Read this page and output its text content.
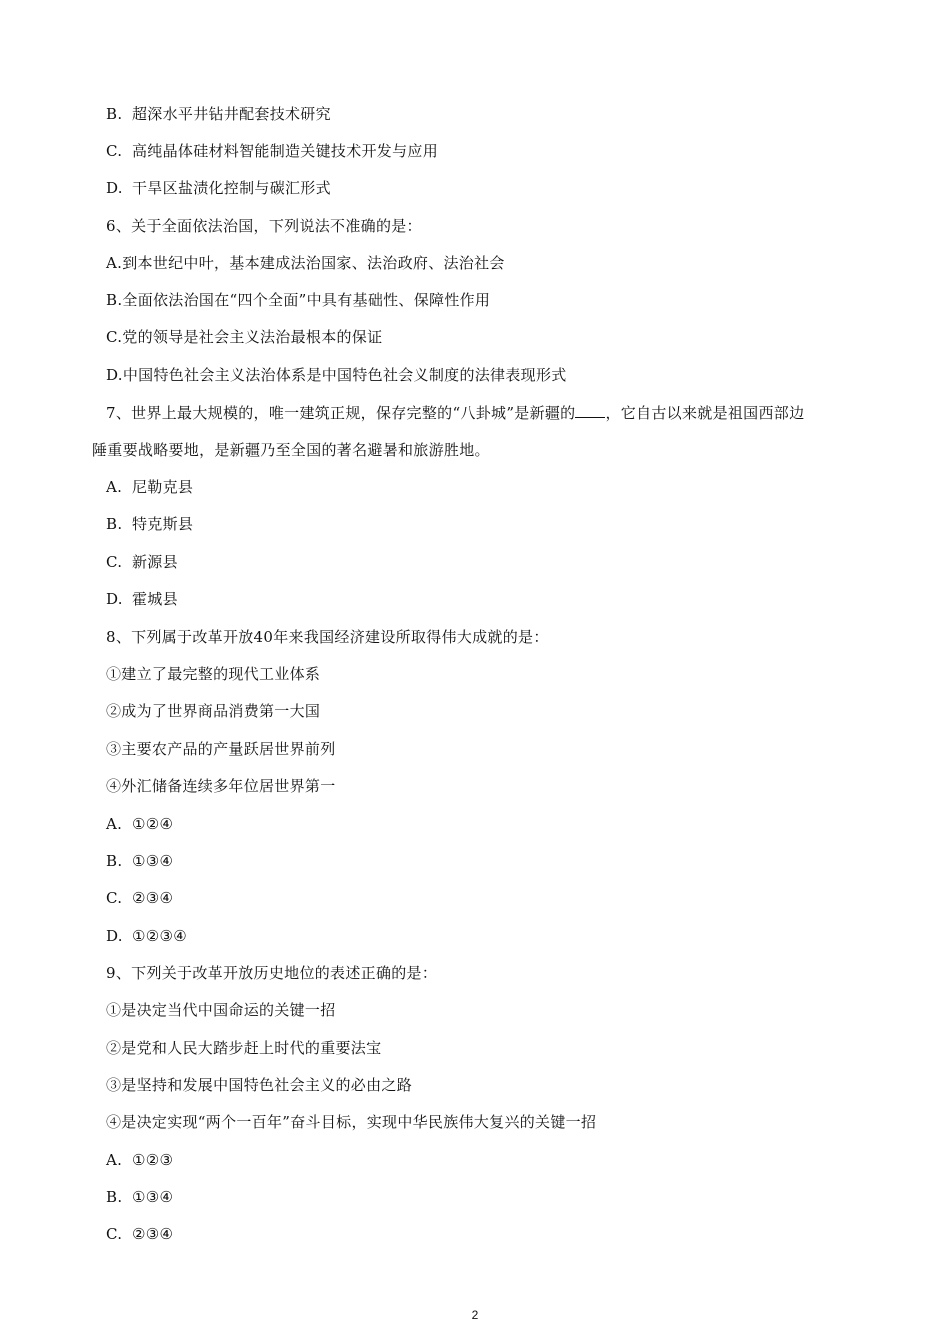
B. 超深水平井钻井配套技术研究
C. 高纯晶体硅材料智能制造关键技术开发与应用
D. 干旱区盐渍化控制与碳汇形式
6、关于全面依法治国，下列说法不准确的是：
A.到本世纪中叶，基本建成法治国家、法治政府、法治社会
B.全面依法治国在“四个全面”中具有基础性、保障性作用
C.党的领导是社会主义法治最根本的保证
D.中国特色社会主义法治体系是中国特色社会义制度的法律表现形式
7、世界上最大规模的，唯一建筑正规，保存完整的“八卦城”是新疆的 ，它自古以来就是祖国西部边
陲重要战略要地，是新疆乃至全国的著名避暑和旅游胜地。
A. 尼勒克县
B. 特克斯县
C. 新源县
D. 霍城县
8、下列属于改革开放40年来我国经济建设所取得伟大成就的是：
①建立了最完整的现代工业体系
②成为了世界商品消费第一大国
③主要农产品的产量跃居世界前列
④外汇储备连续多年位居世界第一
A. ①②④
B. ①③④
C. ②③④
D. ①②③④
9、下列关于改革开放历史地位的表述正确的是：
①是决定当代中国命运的关键一招
②是党和人民大踏步赶上时代的重要法宝
③是坚持和发展中国特色社会主义的必由之路
④是决定实现“两个一百年”奋斗目标，实现中华民族伟大复兴的关键一招
A. ①②③
B. ①③④
C. ②③④
2
